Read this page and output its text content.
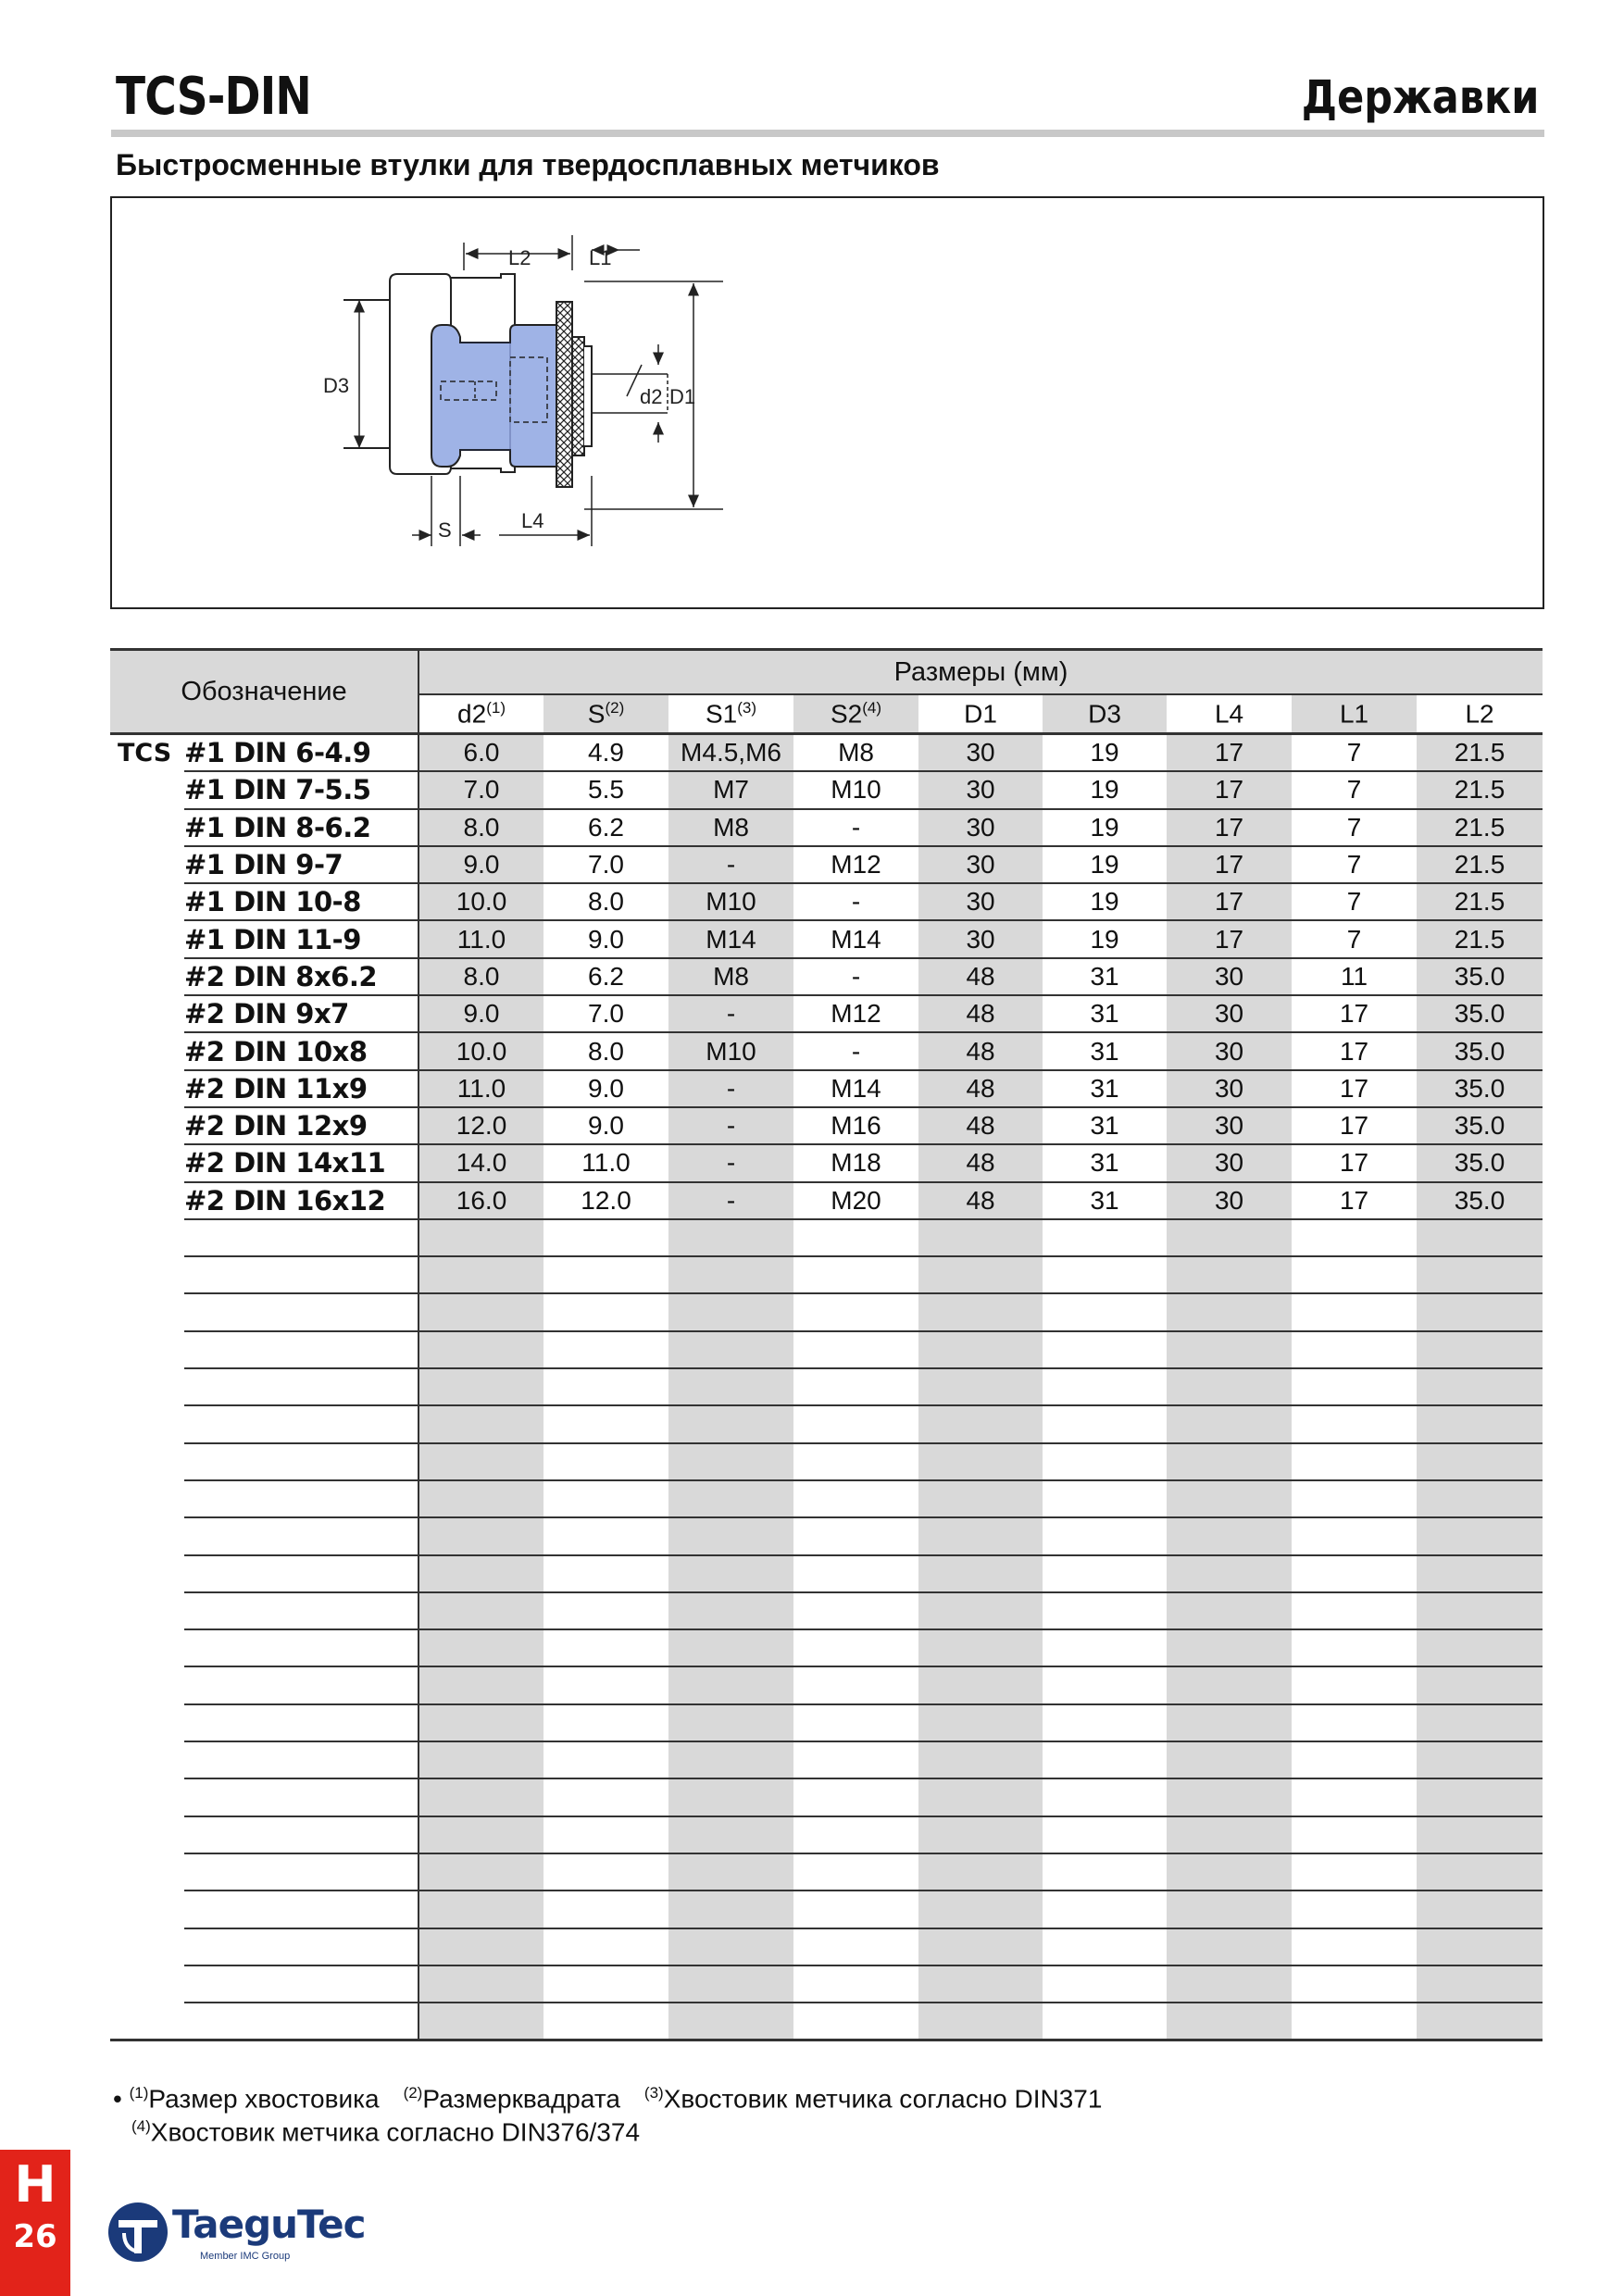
TCS-DIN	Державки
Быстросменные втулки для твердосплавных метчиков
L2	L1
D3	d2 D1
S	L4
Обозначение		Размеры (мм)								
		d2$^{(1)}$	$S^{(2)}$	S1$^{(3)}$	S2$^{(4)}$	D1	D3	L4	L1	L2
TCS	#1 DIN 6-4.9	6.0	4.9	M4.5,M6	M8	30	19	17	7	21.5
	#1 DIN 7-5.5	7.0	5.5	M7	M10	30	19	17	7	21.5
	#1 DIN 8-6.2	8.0	6.2	M8	-	30	19	17	7	21.5
	#1 DIN 9-7	9.0	7.0	-	M12	30	19	17	7	21.5
	#1 DIN 10-8	10.0	8.0	M10	-	30	19	17	7	21.5
	#1 DIN 11-9	11.0	9.0	M14	M14	30	19	17	7	21.5
	#2 DIN 8x6.2	8.0	6.2	M8	-	48	31	30	11	35.0
	#2 DIN 9x7	9.0	7.0	-	M12	48	31	30	17	35.0
	#2 DIN 10x8	10.0	8.0	M10	-	48	31	30	17	35.0
	#2 DIN 11x9	11.0	9.0	-	M14	48	31	30	17	35.0
	#2 DIN 12x9	12.0	9.0	-	M16	48	31	30	17	35.0
	#2 DIN 14x11	14.0	11.0	-	M18	48	31	30	17	35.0
	#2 DIN 16x12	16.0	12.0	-	M20	48	31	30	17	35.0

• $^{(1)}$Размер хвостовика $^{(2)}$Размерквадрата $^{(3)}$Хвостовик метчика согласно DIN371
$^{(4)}$Хвостовик метчика согласно DIN376/374
H
26	TaeguTec
Member IMC Group
